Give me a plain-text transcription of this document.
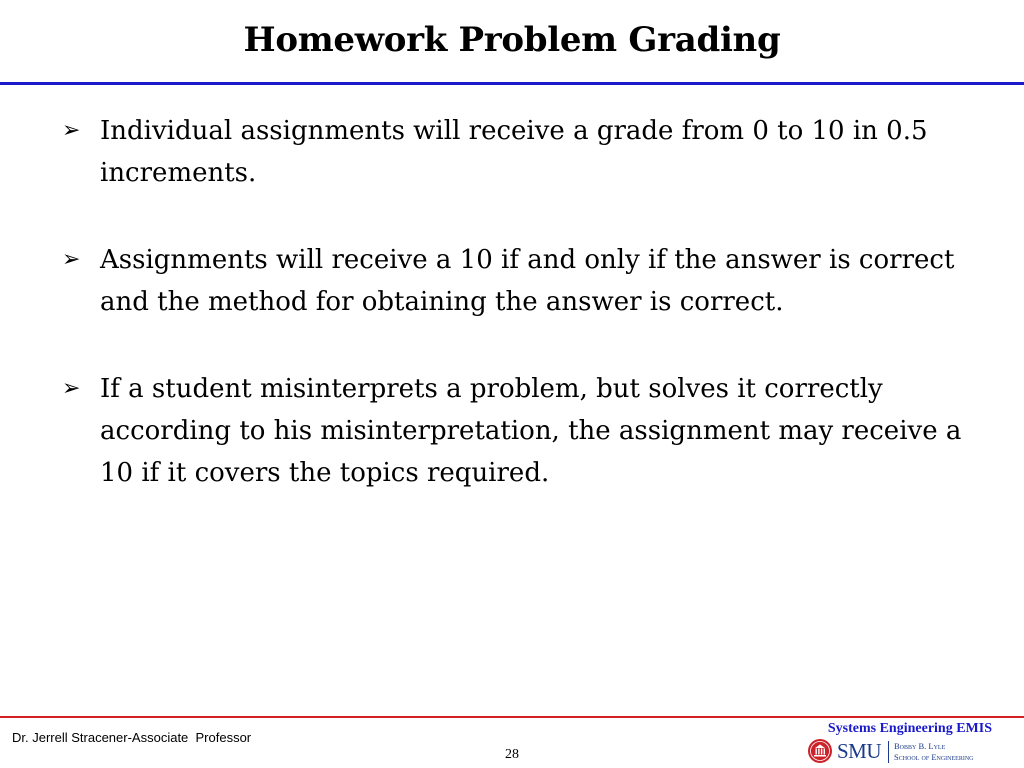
Homework Problem Grading
➢ Individual assignments will receive a grade from 0 to 10 in 0.5 increments.
➢ Assignments will receive a 10 if and only if the answer is correct and the method for obtaining the answer is correct.
➢ If a student misinterprets a problem, but solves it correctly according to his misinterpretation, the assignment may receive a 10 if it covers the topics required.
Dr. Jerrell Stracener-Associate  Professor
28
Systems Engineering EMIS
SMU Bobby B. Lyle
School of Engineering
